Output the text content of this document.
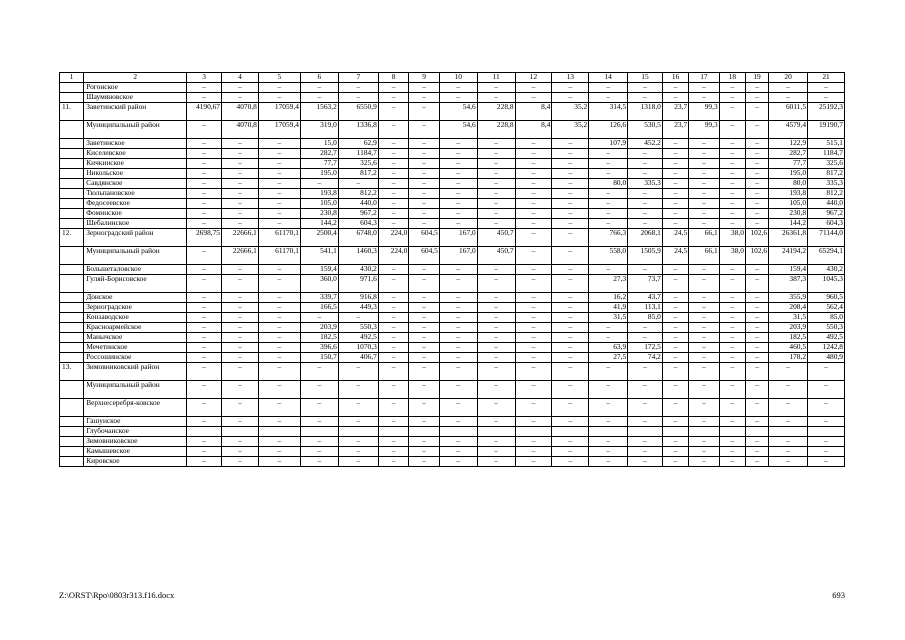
1	2	3	4	5	6	7	8	9	10	11	12	13	14	15	16	17	18	19	20	21
	Рогонское	–	–	–	–	–	–	–	–	–	–	–	–	–	–	–	–	–	–	–
	Шаумяновское	–	–	–	–	–	–	–	–	–	–	–	–	–	–	–	–	–	–	–
11.	Заветинский район	4190,67	4070,8	17059,4	1563,2	6550,9	–	–	54,6	228,8	8,4	35,2	314,5	1318,0	23,7	99,3	–	–	6011,5	25192,3
	Муниципальный район	–	4070,8	17059,4	319,0	1336,8	–	–	54,6	228,8	8,4	35,2	126,6	530,5	23,7	99,3	–	–	4579,4	19190,7
	Заветинское	–	–	–	15,0	62,9	–	–	–	–	–	–	107,9	452,2	–	–	–	–	122,9	515,1
	Киселевское	–	–	–	282,7	1184,7	–	–	–	–	–	–	–	–	–	–	–	–	282,7	1184,7
	Кичкинское	–	–	–	77,7	325,6	–	–	–	–	–	–	–	–	–	–	–	–	77,7	325,6
	Никольское	–	–	–	195,0	817,2	–	–	–	–	–	–	–	–	–	–	–	–	195,0	817,2
	Савдянское	–	–	–	–	–	–	–	–	–	–	–	80,0	335,3	–	–	–	–	80,0	335,3
	Тюльпановское	–	–	–	193,8	812,2	–	–	–	–	–	–	–	–	–	–	–	–	193,8	812,2
	Федосеевское	–	–	–	105,0	440,0	–	–	–	–	–	–	–	–	–	–	–	–	105,0	440,0
	Фоминское	–	–	–	230,8	967,2	–	–	–	–	–	–	–	–	–	–	–	–	230,8	967,2
	Шебалинское	–	–	–	144,2	604,3	–	–	–	–	–	–	–	–	–	–	–	–	144,2	604,3
12.	Зерноградский район	2698,75	22666,1	61170,1	2500,4	6748,0	224,0	604,5	167,0	450,7	–	–	766,3	2068,1	24,5	66,1	38,0	102,6	26361,8	71144,0
	Муниципальный район	–	22666,1	61170,1	541,1	1460,3	224,0	604,5	167,0	450,7	–	–	558,0	1505,9	24,5	66,1	38,0	102,6	24194,2	65294,1
	Большеталовское	–	–	–	159,4	430,2	–	–	–	–	–	–	–	–	–	–	–	–	159,4	430,2
	Гуляй-Борисовское	–	–	–	360,0	971,6	–	–	–	–	–	–	27,3	73,7	–	–	–	–	387,3	1045,3
	Донское	–	–	–	339,7	916,8	–	–	–	–	–	–	16,2	43,7	–	–	–	–	355,9	960,5
	Зерноградское	–	–	–	166,5	449,3	–	–	–	–	–	–	41,9	113,1	–	–	–	–	208,4	562,4
	Конзаводское	–	–	–	–	–	–	–	–	–	–	–	31,5	85,0	–	–	–	–	31,5	85,0
	Красноармейское	–	–	–	203,9	550,3	–	–	–	–	–	–	–	–	–	–	–	–	203,9	550,3
	Манычское	–	–	–	182,5	492,5	–	–	–	–	–	–	–	–	–	–	–	–	182,5	492,5
	Мечетинское	–	–	–	396,6	1070,3	–	–	–	–	–	–	63,9	172,5	–	–	–	–	460,5	1242,8
	Россошинское	–	–	–	150,7	406,7	–	–	–	–	–	–	27,5	74,2	–	–	–	–	178,2	480,9
13.	Зимовниковский район	–	–	–	–	–	–	–	–	–	–	–	–	–	–	–	–	–	–	–
	Муниципальный район	–	–	–	–	–	–	–	–	–	–	–	–	–	–	–	–	–	–	–
	Верхнесеребря-ковское	–	–	–	–	–	–	–	–	–	–	–	–	–	–	–	–	–	–	–
	Гашунское	–	–	–	–	–	–	–	–	–	–	–	–	–	–	–	–	–	–	–
	Глубочанское																			
	Зимовниковское	–	–	–	–	–	–	–	–	–	–	–	–	–	–	–	–	–	–	–
	Камышевское	–	–	–	–	–	–	–	–	–	–	–	–	–	–	–	–	–	–	–
	Кировское	–	–	–	–	–	–	–	–	–	–	–	–	–	–	–	–	–	–	–
Z:\ORST\Rpo\0803r313.f16.docx	693
